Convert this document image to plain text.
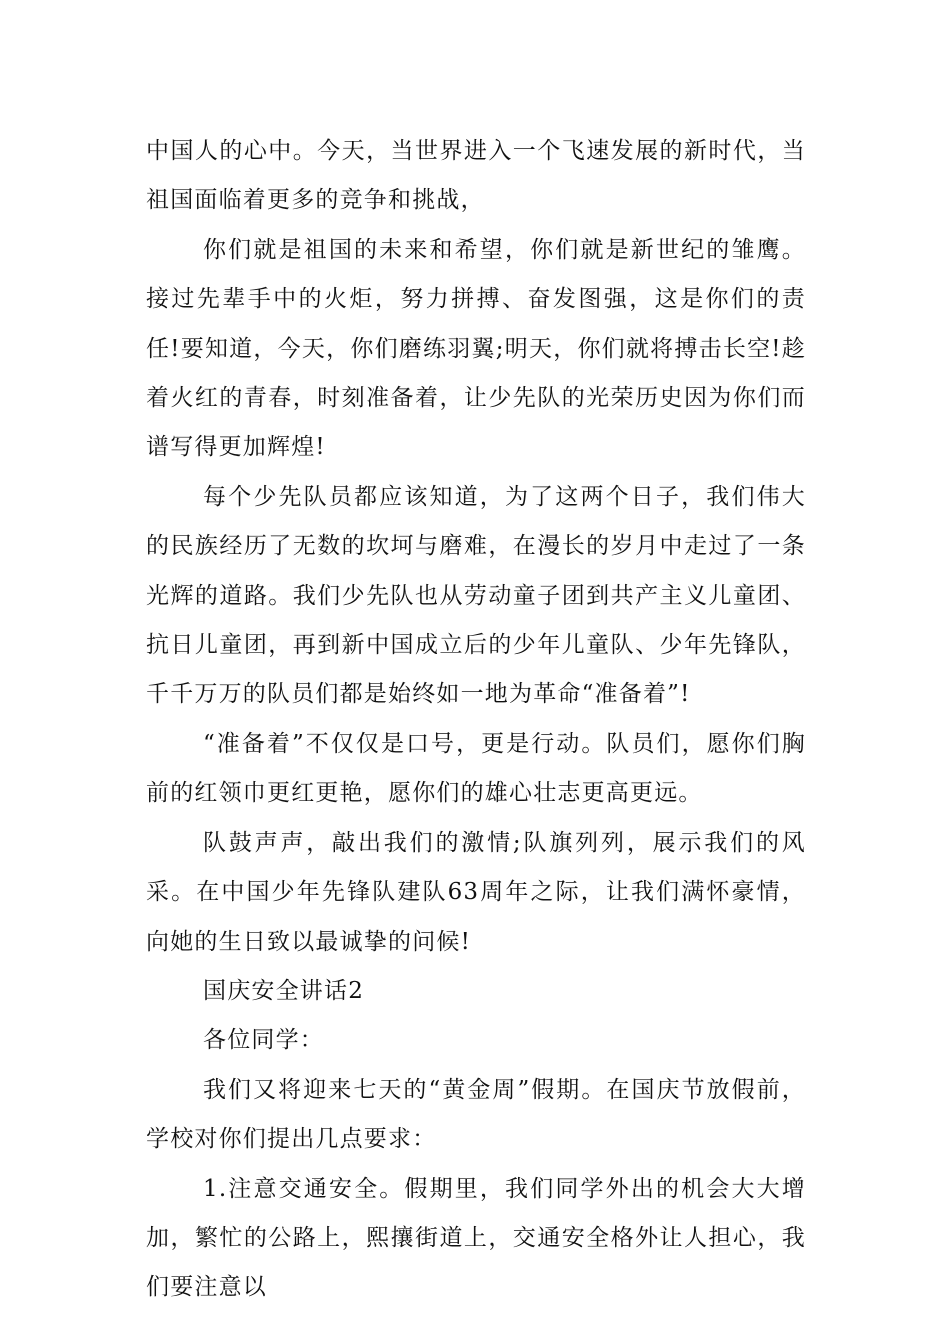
中国人的心中。今天，当世界进入一个飞速发展的新时代，当祖国面临着更多的竞争和挑战，

你们就是祖国的未来和希望，你们就是新世纪的雏鹰。接过先辈手中的火炬，努力拼搏、奋发图强，这是你们的责任!要知道，今天，你们磨练羽翼;明天，你们就将搏击长空!趁着火红的青春，时刻准备着，让少先队的光荣历史因为你们而谱写得更加辉煌!

每个少先队员都应该知道，为了这两个日子，我们伟大的民族经历了无数的坎坷与磨难，在漫长的岁月中走过了一条光辉的道路。我们少先队也从劳动童子团到共产主义儿童团、抗日儿童团，再到新中国成立后的少年儿童队、少年先锋队，千千万万的队员们都是始终如一地为革命“准备着”!

“准备着”不仅仅是口号，更是行动。队员们，愿你们胸前的红领巾更红更艳，愿你们的雄心壮志更高更远。

队鼓声声，敲出我们的激情;队旗列列，展示我们的风采。在中国少年先锋队建队63周年之际，让我们满怀豪情，向她的生日致以最诚挚的问候!

国庆安全讲话2

各位同学：

我们又将迎来七天的“黄金周”假期。在国庆节放假前，学校对你们提出几点要求：

1.注意交通安全。假期里，我们同学外出的机会大大增加，繁忙的公路上，熙攘街道上，交通安全格外让人担心，我们要注意以
